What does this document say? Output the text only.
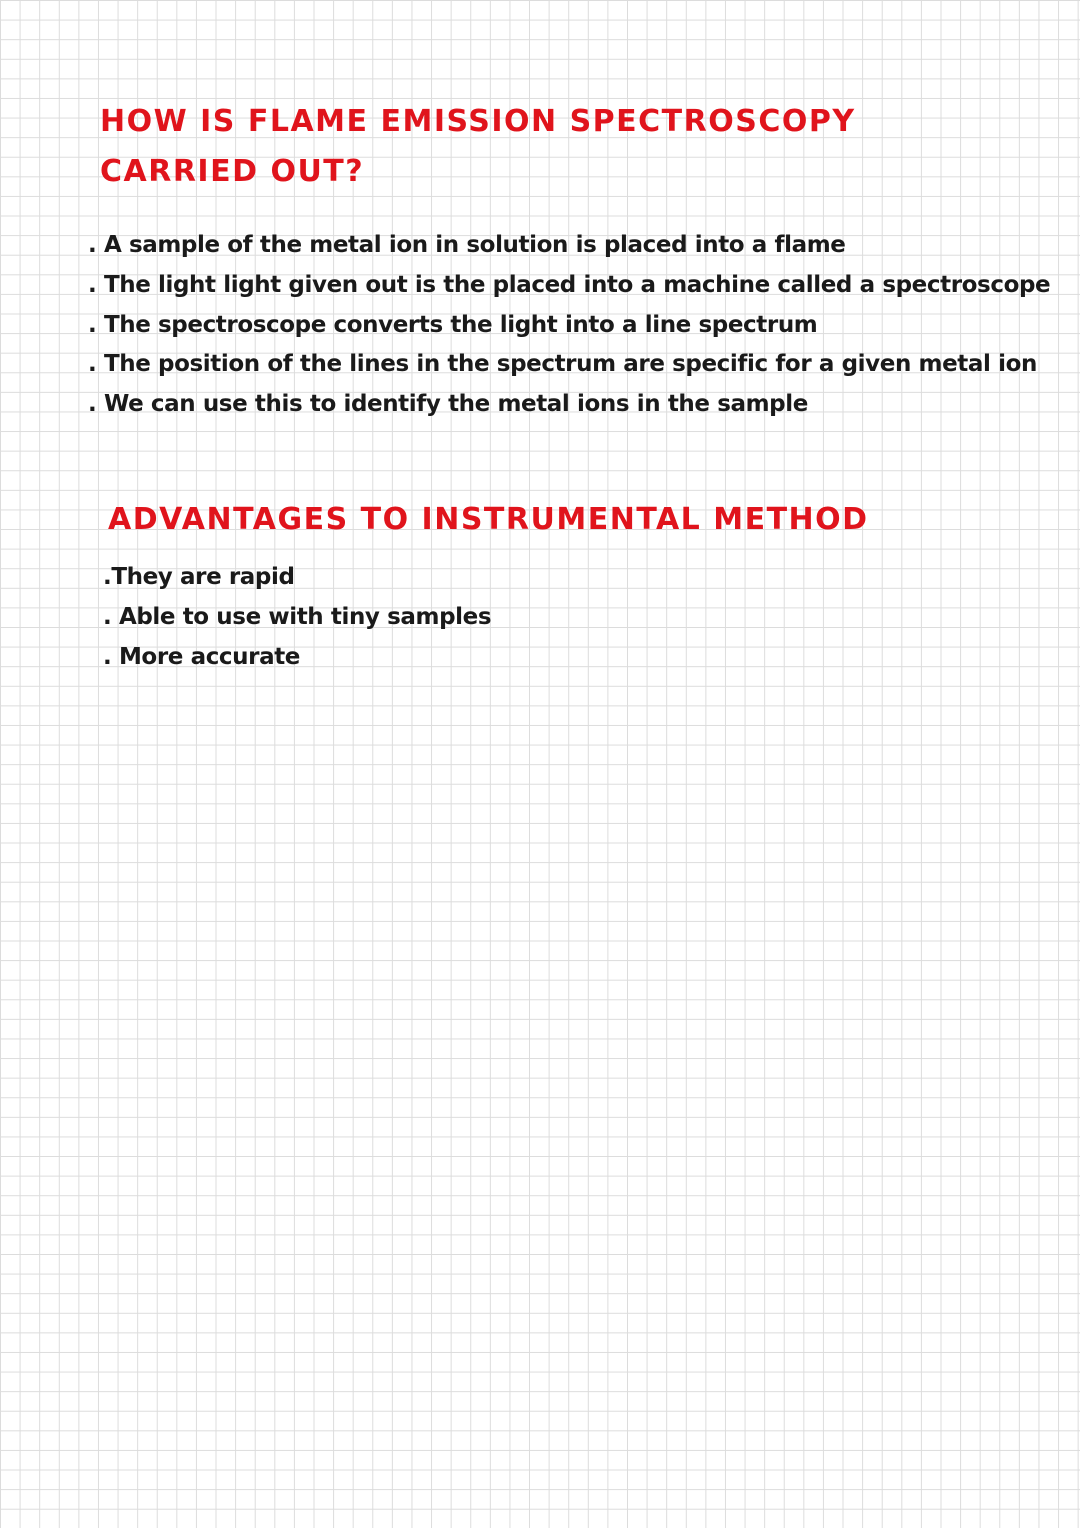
HOW IS FLAME EMISSION SPECTROSCOPY
CARRIED OUT?
. A sample of the metal ion in solution is placed into a flame
. The light light given out is the placed into a machine called a spectroscope
. The spectroscope converts the light into a line spectrum
. The position of the lines in the spectrum are specific for a given metal ion
. We can use this to identify the metal ions in the sample
ADVANTAGES TO INSTRUMENTAL METHOD
.They are rapid
. Able to use with tiny samples
. More accurate
